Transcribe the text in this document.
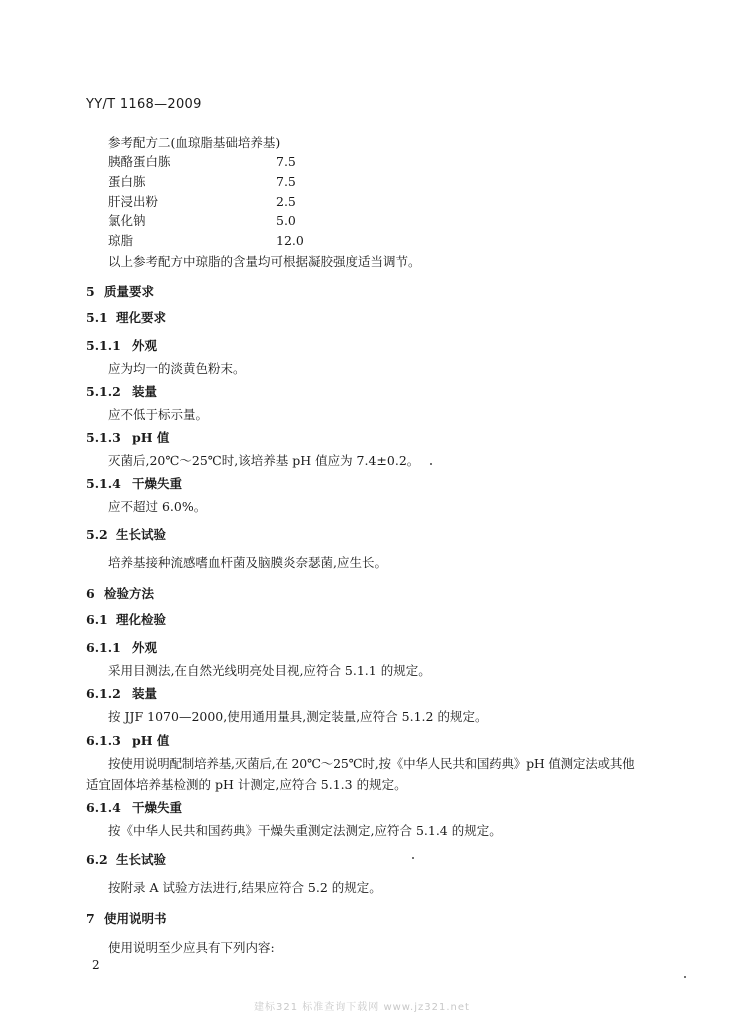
YY/T 1168—2009
参考配方二(血琼脂基础培养基)
胰酪蛋白胨	7.5
蛋白胨	7.5
肝浸出粉	2.5
氯化钠	5.0
琼脂	12.0
以上参考配方中琼脂的含量均可根据凝胶强度适当调节。
5 质量要求
5.1 理化要求
5.1.1 外观
应为均一的淡黄色粉末。
5.1.2 装量
应不低于标示量。
5.1.3 pH 值
灭菌后,20℃～25℃时,该培养基 pH 值应为 7.4±0.2。
5.1.4 干燥失重
应不超过 6.0%。
5.2 生长试验
培养基接种流感嗜血杆菌及脑膜炎奈瑟菌,应生长。
6 检验方法
6.1 理化检验
6.1.1 外观
采用目测法,在自然光线明亮处目视,应符合 5.1.1 的规定。
6.1.2 装量
按 JJF 1070—2000,使用通用量具,测定装量,应符合 5.1.2 的规定。
6.1.3 pH 值
按使用说明配制培养基,灭菌后,在 20℃～25℃时,按《中华人民共和国药典》pH 值测定法或其他
适宜固体培养基检测的 pH 计测定,应符合 5.1.3 的规定。
6.1.4 干燥失重
按《中华人民共和国药典》干燥失重测定法测定,应符合 5.1.4 的规定。
6.2 生长试验
按附录 A 试验方法进行,结果应符合 5.2 的规定。
7 使用说明书
使用说明至少应具有下列内容:
2
建标321 标准查询下载网 www.jz321.net
